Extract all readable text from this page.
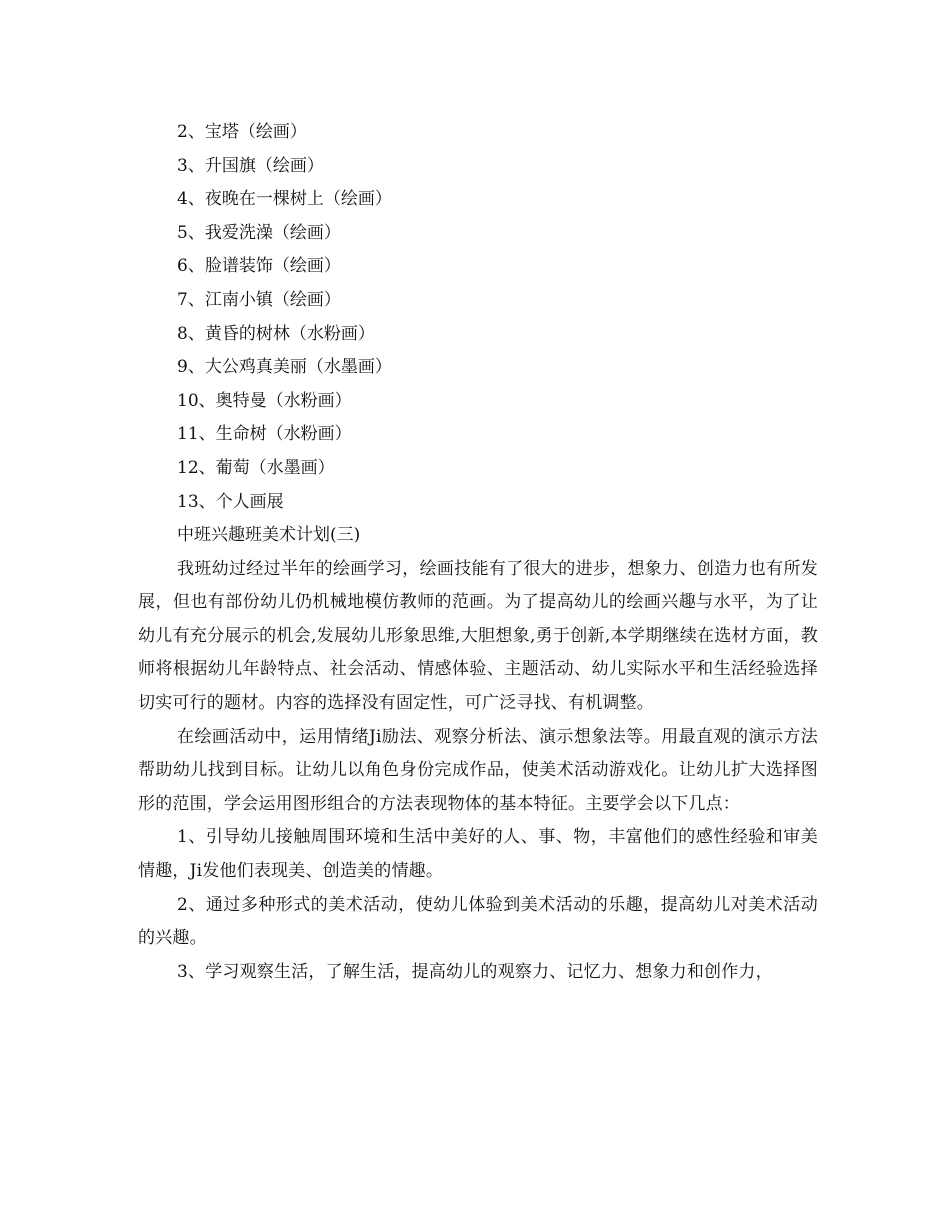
2、宝塔（绘画）
3、升国旗（绘画）
4、夜晚在一棵树上（绘画）
5、我爱洗澡（绘画）
6、脸谱装饰（绘画）
7、江南小镇（绘画）
8、黄昏的树林（水粉画）
9、大公鸡真美丽（水墨画）
10、奥特曼（水粉画）
11、生命树（水粉画）
12、葡萄（水墨画）
13、个人画展
中班兴趣班美术计划(三)

我班幼过经过半年的绘画学习，绘画技能有了很大的进步，想象力、创造力也有所发展，但也有部份幼儿仍机械地模仿教师的范画。为了提高幼儿的绘画兴趣与水平，为了让幼儿有充分展示的机会,发展幼儿形象思维,大胆想象,勇于创新,本学期继续在选材方面，教师将根据幼儿年龄特点、社会活动、情感体验、主题活动、幼儿实际水平和生活经验选择切实可行的题材。内容的选择没有固定性，可广泛寻找、有机调整。

在绘画活动中，运用情绪Ji励法、观察分析法、演示想象法等。用最直观的演示方法帮助幼儿找到目标。让幼儿以角色身份完成作品，使美术活动游戏化。让幼儿扩大选择图形的范围，学会运用图形组合的方法表现物体的基本特征。主要学会以下几点：

1、引导幼儿接触周围环境和生活中美好的人、事、物，丰富他们的感性经验和审美情趣，Ji发他们表现美、创造美的情趣。

2、通过多种形式的美术活动，使幼儿体验到美术活动的乐趣，提高幼儿对美术活动的兴趣。

3、学习观察生活，了解生活，提高幼儿的观察力、记忆力、想象力和创作力，
